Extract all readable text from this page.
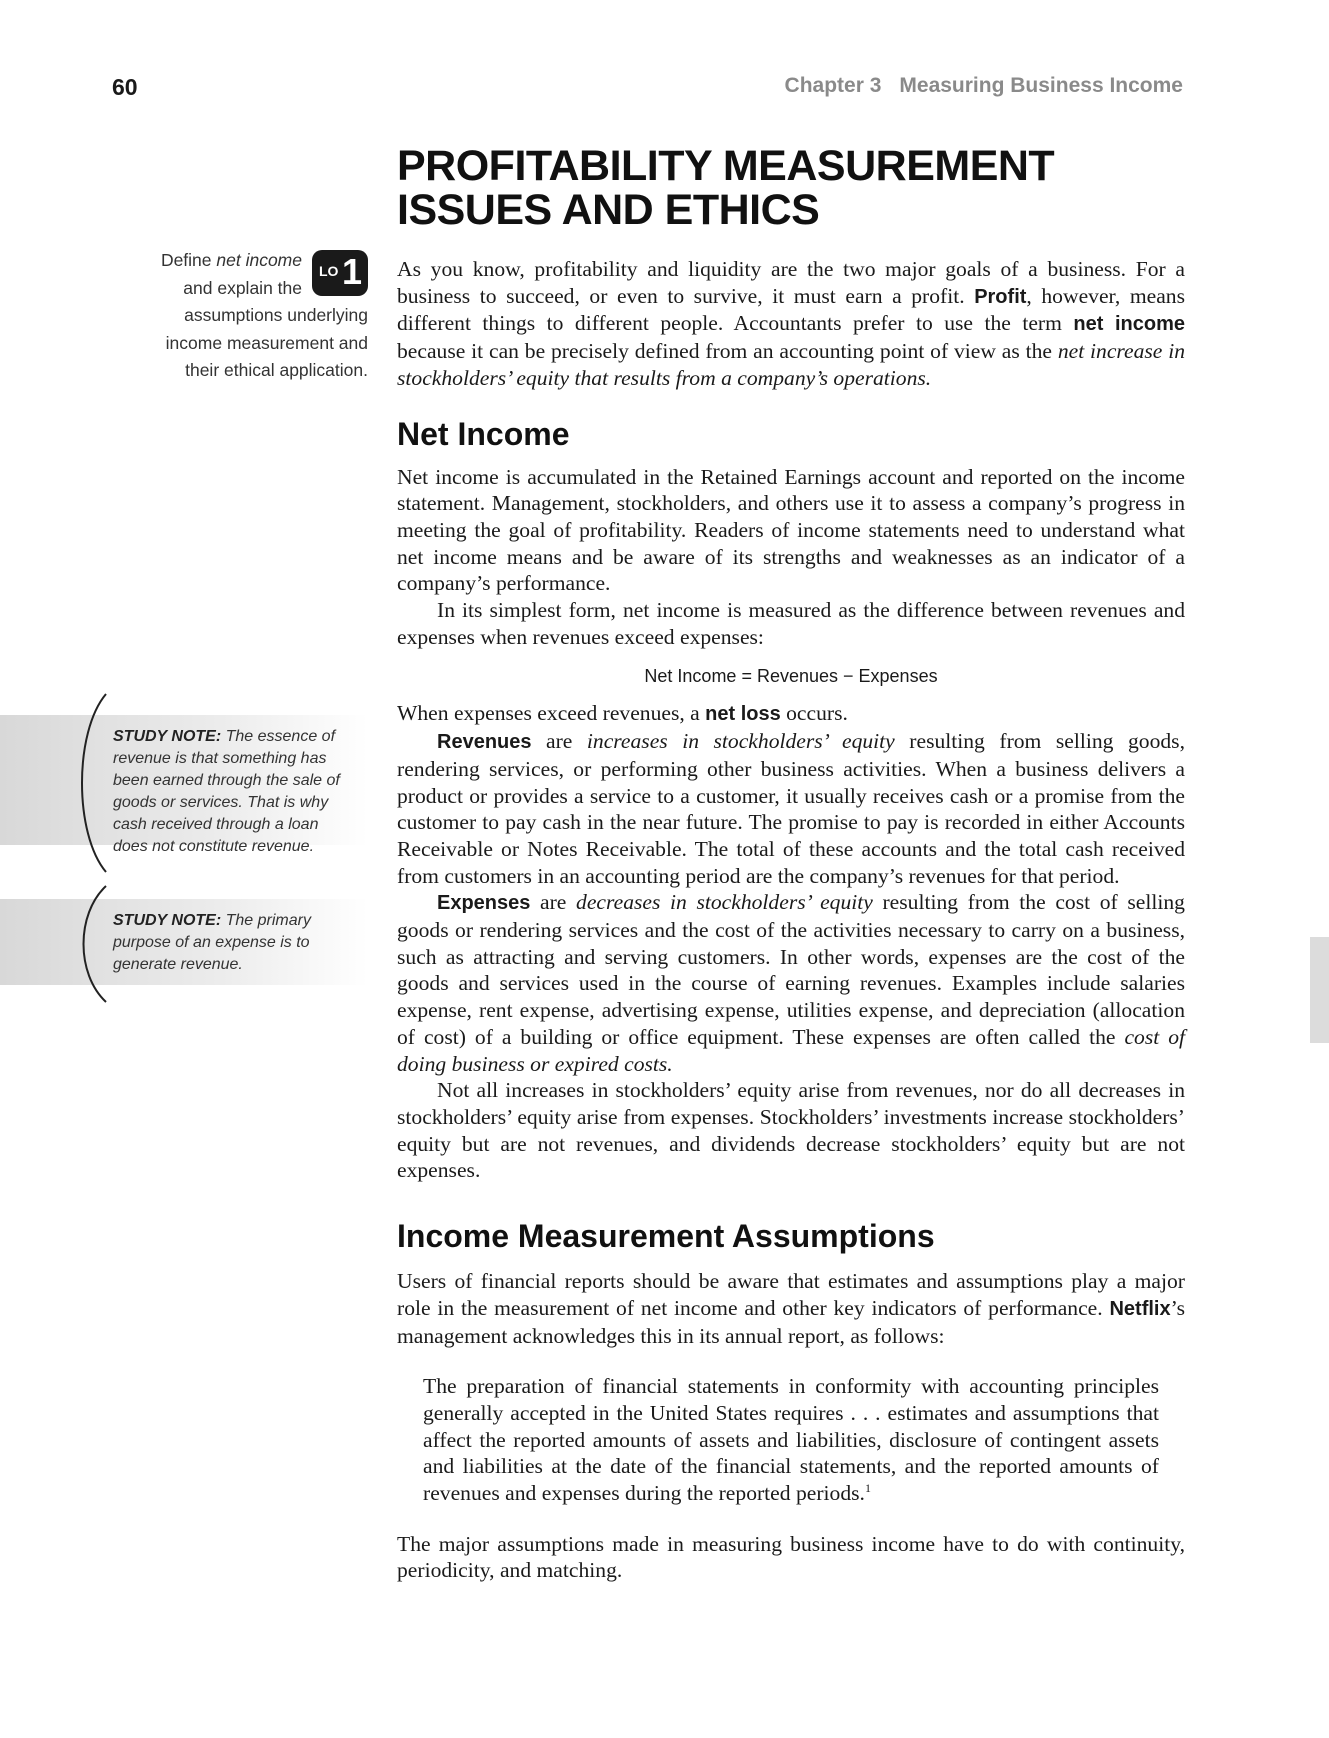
60	Chapter 3 Measuring Business Income
LO 1
Define net income
and explain the
assumptions underlying
income measurement and
their ethical application.
STUDY NOTE: The essence of revenue is that something has been earned through the sale of goods or services. That is why cash received through a loan does not constitute revenue.
STUDY NOTE: The primary purpose of an expense is to generate revenue.
PROFITABILITY MEASUREMENT
ISSUES AND ETHICS

As you know, profitability and liquidity are the two major goals of a business. For a business to succeed, or even to survive, it must earn a profit. Profit, however, means different things to different people. Accountants prefer to use the term net income because it can be precisely defined from an accounting point of view as the net increase in stockholders’ equity that results from a company’s operations.

Net Income

Net income is accumulated in the Retained Earnings account and reported on the income statement. Management, stockholders, and others use it to assess a company’s progress in meeting the goal of profitability. Readers of income statements need to understand what net income means and be aware of its strengths and weaknesses as an indicator of a company’s performance.

In its simplest form, net income is measured as the difference between revenues and expenses when revenues exceed expenses:

Net Income = Revenues − Expenses

When expenses exceed revenues, a net loss occurs.

Revenues are increases in stockholders’ equity resulting from selling goods, rendering services, or performing other business activities. When a business delivers a product or provides a service to a customer, it usually receives cash or a promise from the customer to pay cash in the near future. The promise to pay is recorded in either Accounts Receivable or Notes Receivable. The total of these accounts and the total cash received from customers in an accounting period are the company’s revenues for that period.

Expenses are decreases in stockholders’ equity resulting from the cost of selling goods or rendering services and the cost of the activities necessary to carry on a business, such as attracting and serving customers. In other words, expenses are the cost of the goods and services used in the course of earning revenues. Examples include salaries expense, rent expense, advertising expense, utilities expense, and depreciation (allocation of cost) of a building or office equipment. These expenses are often called the cost of doing business or expired costs.

Not all increases in stockholders’ equity arise from revenues, nor do all decreases in stockholders’ equity arise from expenses. Stockholders’ investments increase stockholders’ equity but are not revenues, and dividends decrease stockholders’ equity but are not expenses.

Income Measurement Assumptions

Users of financial reports should be aware that estimates and assumptions play a major role in the measurement of net income and other key indicators of performance. Netflix’s management acknowledges this in its annual report, as follows:

The preparation of financial statements in conformity with accounting principles generally accepted in the United States requires . . . estimates and assumptions that affect the reported amounts of assets and liabilities, disclosure of contingent assets and liabilities at the date of the financial statements, and the reported amounts of revenues and expenses during the reported periods.$^1$

The major assumptions made in measuring business income have to do with continuity, periodicity, and matching.
